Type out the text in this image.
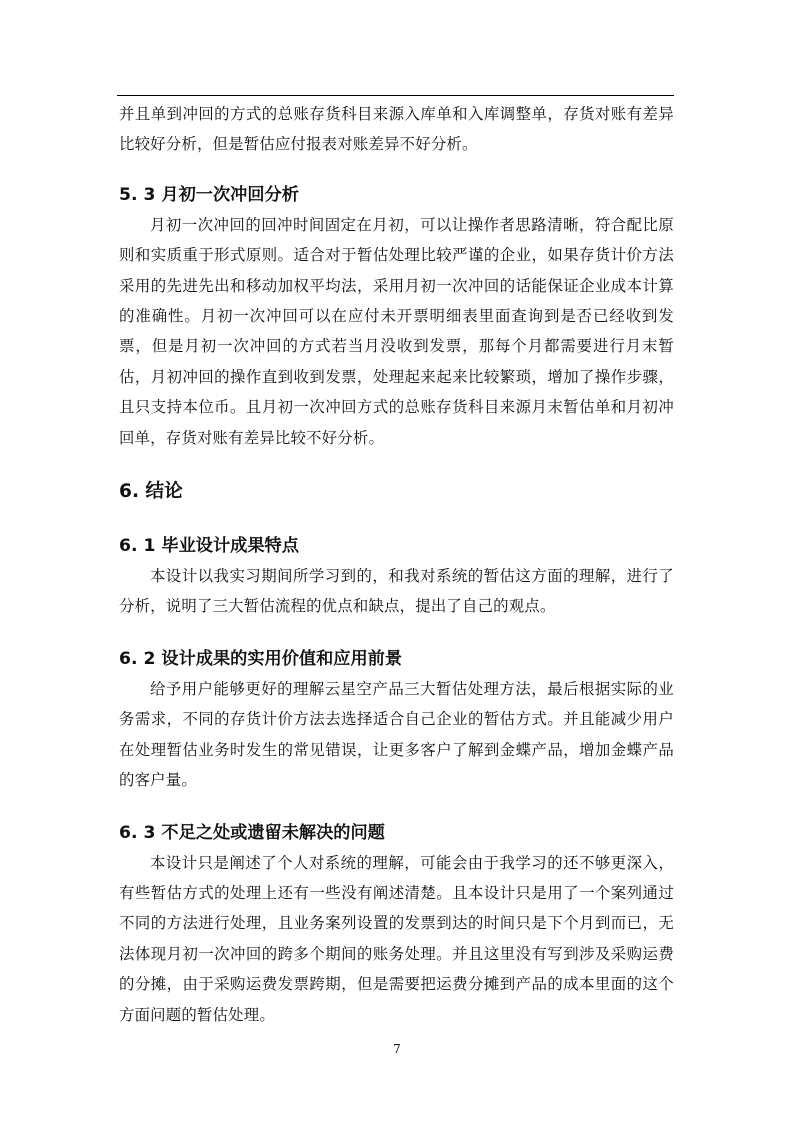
并且单到冲回的方式的总账存货科目来源入库单和入库调整单，存货对账有差异比较好分析，但是暂估应付报表对账差异不好分析。

5. 3 月初一次冲回分析

月初一次冲回的回冲时间固定在月初，可以让操作者思路清晰，符合配比原则和实质重于形式原则。适合对于暂估处理比较严谨的企业，如果存货计价方法采用的先进先出和移动加权平均法，采用月初一次冲回的话能保证企业成本计算的准确性。月初一次冲回可以在应付未开票明细表里面查询到是否已经收到发票，但是月初一次冲回的方式若当月没收到发票，那每个月都需要进行月末暂估，月初冲回的操作直到收到发票，处理起来起来比较繁琐，增加了操作步骤，且只支持本位币。且月初一次冲回方式的总账存货科目来源月末暂估单和月初冲回单，存货对账有差异比较不好分析。

6. 结论
6. 1 毕业设计成果特点

本设计以我实习期间所学习到的，和我对系统的暂估这方面的理解，进行了分析，说明了三大暂估流程的优点和缺点，提出了自己的观点。

6. 2 设计成果的实用价值和应用前景

给予用户能够更好的理解云星空产品三大暂估处理方法，最后根据实际的业务需求，不同的存货计价方法去选择适合自己企业的暂估方式。并且能减少用户在处理暂估业务时发生的常见错误，让更多客户了解到金蝶产品，增加金蝶产品的客户量。

6. 3 不足之处或遗留未解决的问题

本设计只是阐述了个人对系统的理解，可能会由于我学习的还不够更深入，有些暂估方式的处理上还有一些没有阐述清楚。且本设计只是用了一个案列通过不同的方法进行处理，且业务案列设置的发票到达的时间只是下个月到而已，无法体现月初一次冲回的跨多个期间的账务处理。并且这里没有写到涉及采购运费的分摊，由于采购运费发票跨期，但是需要把运费分摊到产品的成本里面的这个方面问题的暂估处理。

7
